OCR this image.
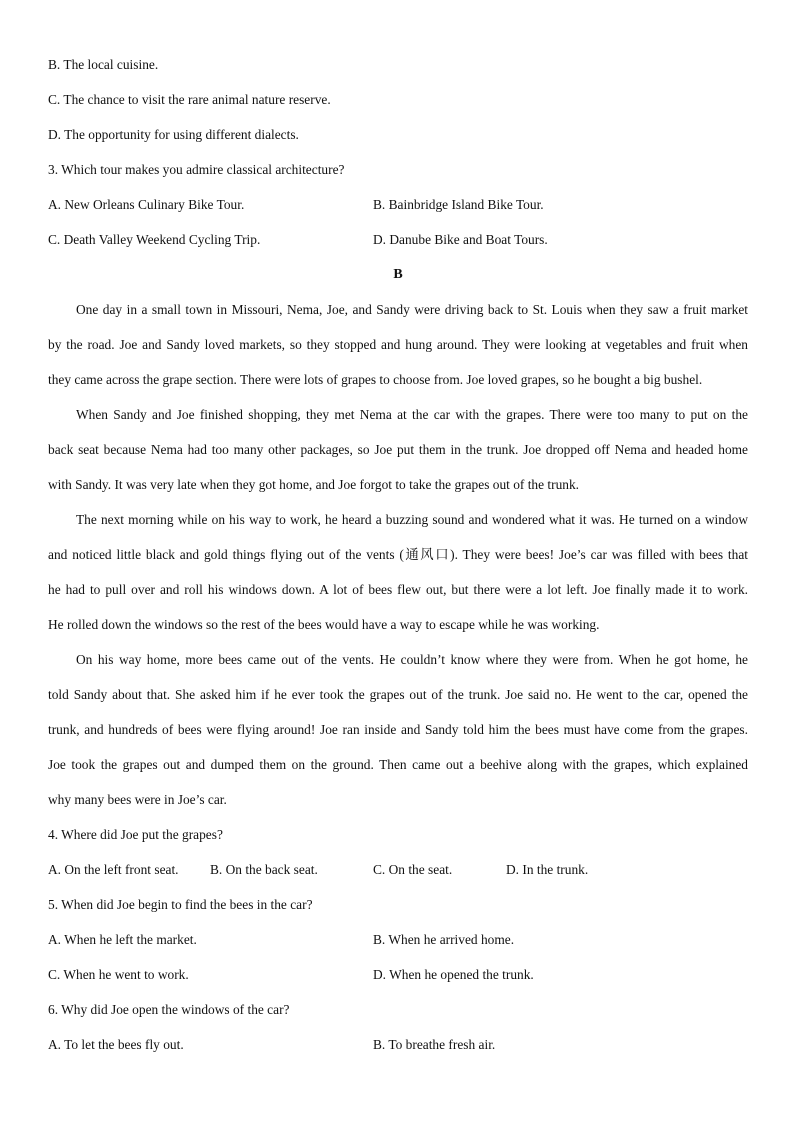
B. The local cuisine.
C. The chance to visit the rare animal nature reserve.
D. The opportunity for using different dialects.
3. Which tour makes you admire classical architecture?
A. New Orleans Culinary Bike Tour.	B. Bainbridge Island Bike Tour.
C. Death Valley Weekend Cycling Trip.	D. Danube Bike and Boat Tours.
B
One day in a small town in Missouri, Nema, Joe, and Sandy were driving back to St. Louis when they saw a fruit market
by the road. Joe and Sandy loved markets, so they stopped and hung around. They were looking at vegetables and fruit when
they came across the grape section. There were lots of grapes to choose from. Joe loved grapes, so he bought a big bushel.
When Sandy and Joe finished shopping, they met Nema at the car with the grapes. There were too many to put on the
back seat because Nema had too many other packages, so Joe put them in the trunk. Joe dropped off Nema and headed home
with Sandy. It was very late when they got home, and Joe forgot to take the grapes out of the trunk.
The next morning while on his way to work, he heard a buzzing sound and wondered what it was. He turned on a window
and noticed little black and gold things flying out of the vents (通风口). They were bees! Joe’s car was filled with bees that
he had to pull over and roll his windows down. A lot of bees flew out, but there were a lot left. Joe finally made it to work.
He rolled down the windows so the rest of the bees would have a way to escape while he was working.
On his way home, more bees came out of the vents. He couldn’t know where they were from. When he got home, he
told Sandy about that. She asked him if he ever took the grapes out of the trunk. Joe said no. He went to the car, opened the
trunk, and hundreds of bees were flying around! Joe ran inside and Sandy told him the bees must have come from the grapes.
Joe took the grapes out and dumped them on the ground. Then came out a beehive along with the grapes, which explained
why many bees were in Joe’s car.
4. Where did Joe put the grapes?
A. On the left front seat.	B. On the back seat.	C. On the seat.	D. In the trunk.
5. When did Joe begin to find the bees in the car?
A. When he left the market.	B. When he arrived home.
C. When he went to work.	D. When he opened the trunk.
6. Why did Joe open the windows of the car?
A. To let the bees fly out.	B. To breathe fresh air.
